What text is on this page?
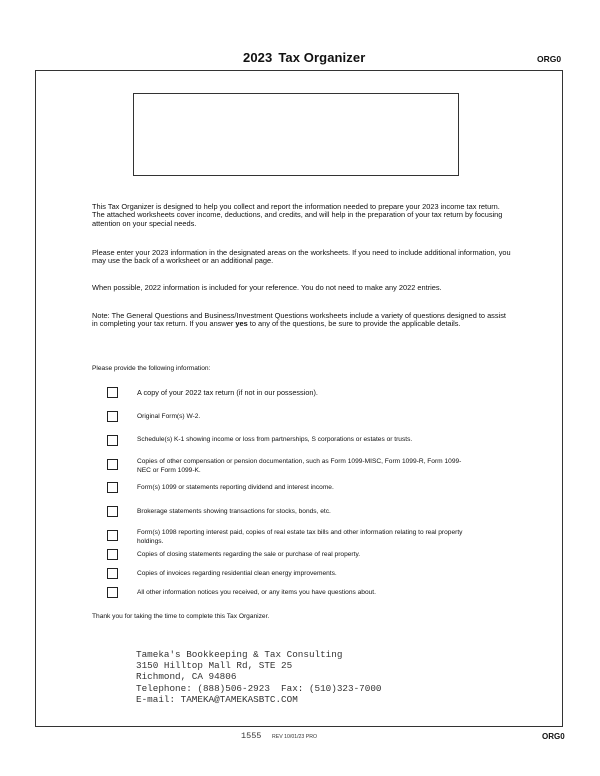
2023 Tax Organizer	ORG0
This Tax Organizer is designed to help you collect and report the information needed to prepare your 2023 income tax return. The attached worksheets cover income, deductions, and credits, and will help in the preparation of your tax return by focusing attention on your special needs.
Please enter your 2023 information in the designated areas on the worksheets. If you need to include additional information, you may use the back of a worksheet or an additional page.
When possible, 2022 information is included for your reference. You do not need to make any 2022 entries.
Note: The General Questions and Business/Investment Questions worksheets include a variety of questions designed to assist in completing your tax return. If you answer yes to any of the questions, be sure to provide the applicable details.
Please provide the following information:
A copy of your 2022 tax return (if not in our possession).
Original Form(s) W-2.
Schedule(s) K-1 showing income or loss from partnerships, S corporations or estates or trusts.
Copies of other compensation or pension documentation, such as Form 1099-MISC, Form 1099-R, Form 1099-NEC or Form 1099-K.
Form(s) 1099 or statements reporting dividend and interest income.
Brokerage statements showing transactions for stocks, bonds, etc.
Form(s) 1098 reporting interest paid, copies of real estate tax bills and other information relating to real property holdings.
Copies of closing statements regarding the sale or purchase of real property.
Copies of invoices regarding residential clean energy improvements.
All other information notices you received, or any items you have questions about.
Thank you for taking the time to complete this Tax Organizer.
Tameka's Bookkeeping & Tax Consulting
3150 Hilltop Mall Rd, STE 25
Richmond, CA 94806
Telephone: (888)506-2923  Fax: (510)323-7000
E-mail: TAMEKA@TAMEKASBTC.COM
1555 REV 10/01/23 PRO	ORG0
